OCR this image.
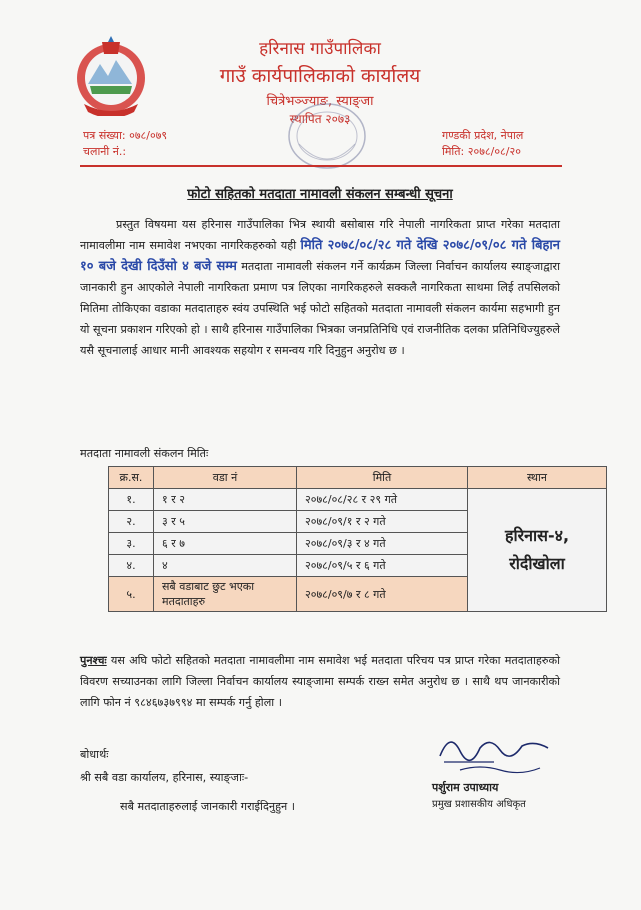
हरिनास गाउँपालिका
गाउँ कार्यपालिकाको कार्यालय
चित्रेभञ्ज्याङ, स्याङ्जा
स्थापित २०७३
पत्र संख्या: ०७८/०७९
चलानी नं.:
गण्डकी प्रदेश, नेपाल
मिति: २०७८/०८/२०
फोटो सहितको मतदाता नामावली संकलन सम्बन्धी सूचना
प्रस्तुत विषयमा यस हरिनास गाउँपालिका भित्र स्थायी बसोबास गरि नेपाली नागरिकता प्राप्त गरेका मतदाता नामावलीमा नाम समावेश नभएका नागरिकहरुको यही मिति २०७८/०८/२८ गते देखि २०७८/०९/०८ गते बिहान १० बजे देखी दिउँसो ४ बजे सम्म मतदाता नामावली संकलन गर्ने कार्यक्रम जिल्ला निर्वाचन कार्यालय स्याङ्जाद्वारा जानकारी हुन आएकोले नेपाली नागरिकता प्रमाण पत्र लिएका नागरिकहरुले सक्कलै नागरिकता साथमा लिई तपसिलको मितिमा तोकिएका वडाका मतदाताहरु स्वंय उपस्थिति भई फोटो सहितको मतदाता नामावली संकलन कार्यमा सहभागी हुन यो सूचना प्रकाशन गरिएको हो । साथै हरिनास गाउँपालिका भित्रका जनप्रतिनिधि एवं राजनीतिक दलका प्रतिनिधिज्युहरुले यसै सूचनालाई आधार मानी आवश्यक सहयोग र समन्वय गरि दिनुहुन अनुरोध छ ।
मतदाता नामावली संकलन मितिः
क्र.स.	वडा नं	मिति	स्थान
१.	१ र २	२०७८/०८/२८ र २९ गते	हरिनास-४,
रोदीखोला

२.	३ र ५	२०७८/०९/१ र २ गते	
३.	६ र ७	२०७८/०९/३ र ४ गते	
४.	४	२०७८/०९/५ र ६ गते	
५.	सबै वडाबाट छुट भएका मतदाताहरु	२०७८/०९/७ र ८ गते	
पुनश्चः यस अघि फोटो सहितको मतदाता नामावलीमा नाम समावेश भई मतदाता परिचय पत्र प्राप्त गरेका मतदाताहरुको विवरण सच्याउनका लागि जिल्ला निर्वाचन कार्यालय स्याङ्जामा सम्पर्क राख्न समेत अनुरोध छ । साथै थप जानकारीको लागि फोन नं ९८४६७३७९९४ मा सम्पर्क गर्नु होला ।
बोधार्थः
श्री सबै वडा कार्यालय, हरिनास, स्याङ्जाः-
सबै मतदाताहरुलाई जानकारी गराईदिनुहुन ।
पर्शुराम उपाध्याय
प्रमुख प्रशासकीय अधिकृत
